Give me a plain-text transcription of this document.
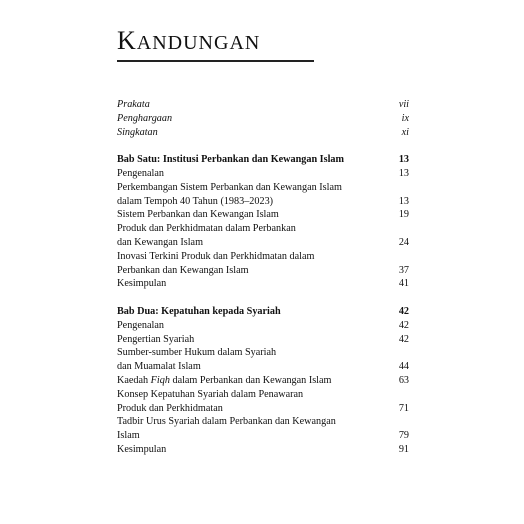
KANDUNGAN
Prakata	vii
Penghargaan	ix
Singkatan	xi
Bab Satu: Institusi Perbankan dan Kewangan Islam	13
Pengenalan	13
Perkembangan Sistem Perbankan dan Kewangan Islam
dalam Tempoh 40 Tahun (1983–2023)	13
Sistem Perbankan dan Kewangan Islam	19
Produk dan Perkhidmatan dalam Perbankan
dan Kewangan Islam	24
Inovasi Terkini Produk dan Perkhidmatan dalam
Perbankan dan Kewangan Islam	37
Kesimpulan	41
Bab Dua: Kepatuhan kepada Syariah	42
Pengenalan	42
Pengertian Syariah	42
Sumber-sumber Hukum dalam Syariah
dan Muamalat Islam	44
Kaedah Fiqh dalam Perbankan dan Kewangan Islam	63
Konsep Kepatuhan Syariah dalam Penawaran
Produk dan Perkhidmatan	71
Tadbir Urus Syariah dalam Perbankan dan Kewangan
Islam	79
Kesimpulan	91
